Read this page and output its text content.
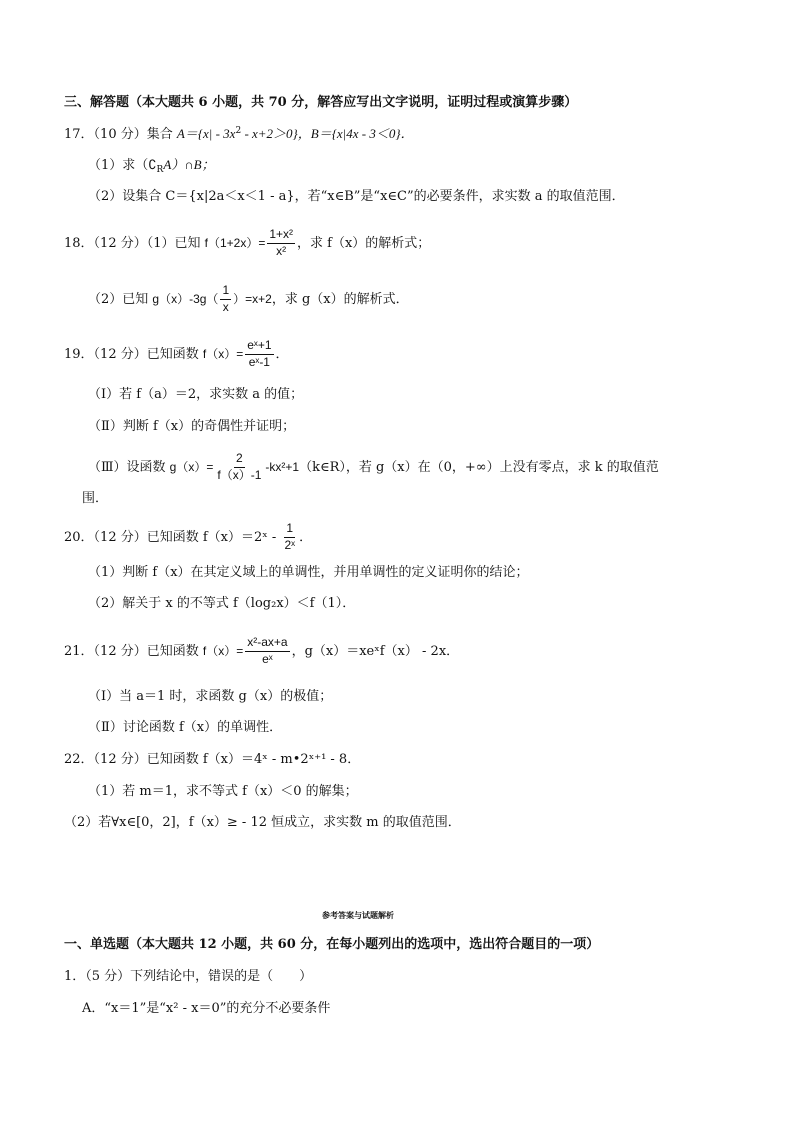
三、解答题（本大题共 6 小题，共 70 分，解答应写出文字说明，证明过程或演算步骤）
17．（10 分）集合 $A=\{x| - 3x^2 - x+2>0\}$，B＝{x|4x - 3＜0}．
（1）求$(∁_RA)\cap B$；
（2）设集合 C＝{x|2a＜x＜1 - a}，若“x∈B”是“x∈C”的必要条件，求实数 a 的取值范围．
18．（12 分）（1）已知 $f(1+2x)= \frac{\text{1+x²}}{\text{x²}}$ ，求 f（x）的解析式；
（2）已知 $g(x)-3g( \frac{1}{x} )=x+2$，求 g（x）的解析式．
19．（12 分）已知函数 $f(x)= \frac{\text{eˣ+1}}{\text{eˣ-1}}$ ．
（Ⅰ）若 f（a）＝2，求实数 a 的值；
（Ⅱ）判断 f（x）的奇偶性并证明；
（Ⅲ）设函数 $g(x)= \frac{2}{f(x)-1}$ -kx²+1（k∈R），若 g（x）在（0，+∞）上没有零点，求 k 的取值范
围．
20．（12 分）已知函数 f（x）＝2ˣ - $\frac{1}{\text{2ˣ}}$ ．
（1）判断 f（x）在其定义域上的单调性，并用单调性的定义证明你的结论；
（2）解关于 x 的不等式 f（log₂x）＜f（1）．
21．（12 分）已知函数 $f(x)= \frac{\text{x²-ax+a}}{\text{eˣ}}$ ，g（x）＝xeˣf（x） - 2x．
（Ⅰ）当 a＝1 时，求函数 g（x）的极值；
（Ⅱ）讨论函数 f（x）的单调性．
22．（12 分）已知函数 f（x）＝4ˣ - m•2ˣ⁺¹ - 8．
（1）若 m＝1，求不等式 f（x）＜0 的解集；
（2）若∀x∈[0，2]，f（x）≥ - 12 恒成立，求实数 m 的取值范围．
参考答案与试题解析
一、单选题（本大题共 12 小题，共 60 分，在每小题列出的选项中，选出符合题目的一项）
1．（5 分）下列结论中，错误的是（　　）
A．“x＝1”是“x² - x＝0”的充分不必要条件
